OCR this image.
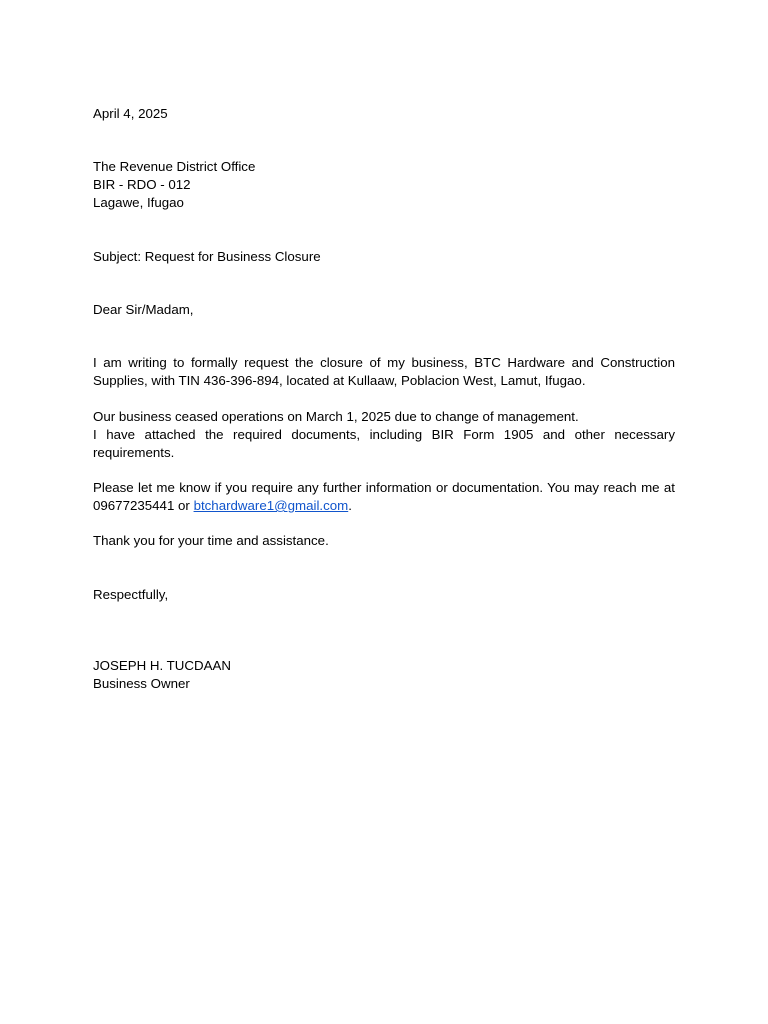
April 4, 2025
The Revenue District Office
BIR - RDO - 012
Lagawe, Ifugao
Subject: Request for Business Closure
Dear Sir/Madam,
I am writing to formally request the closure of my business, BTC Hardware and Construction Supplies, with TIN 436-396-894, located at Kullaaw, Poblacion West, Lamut, Ifugao.
Our business ceased operations on March 1, 2025 due to change of management.
I have attached the required documents, including BIR Form 1905 and other necessary requirements.
Please let me know if you require any further information or documentation. You may reach me at 09677235441 or btchardware1@gmail.com.
Thank you for your time and assistance.
Respectfully,
JOSEPH H. TUCDAAN
Business Owner
